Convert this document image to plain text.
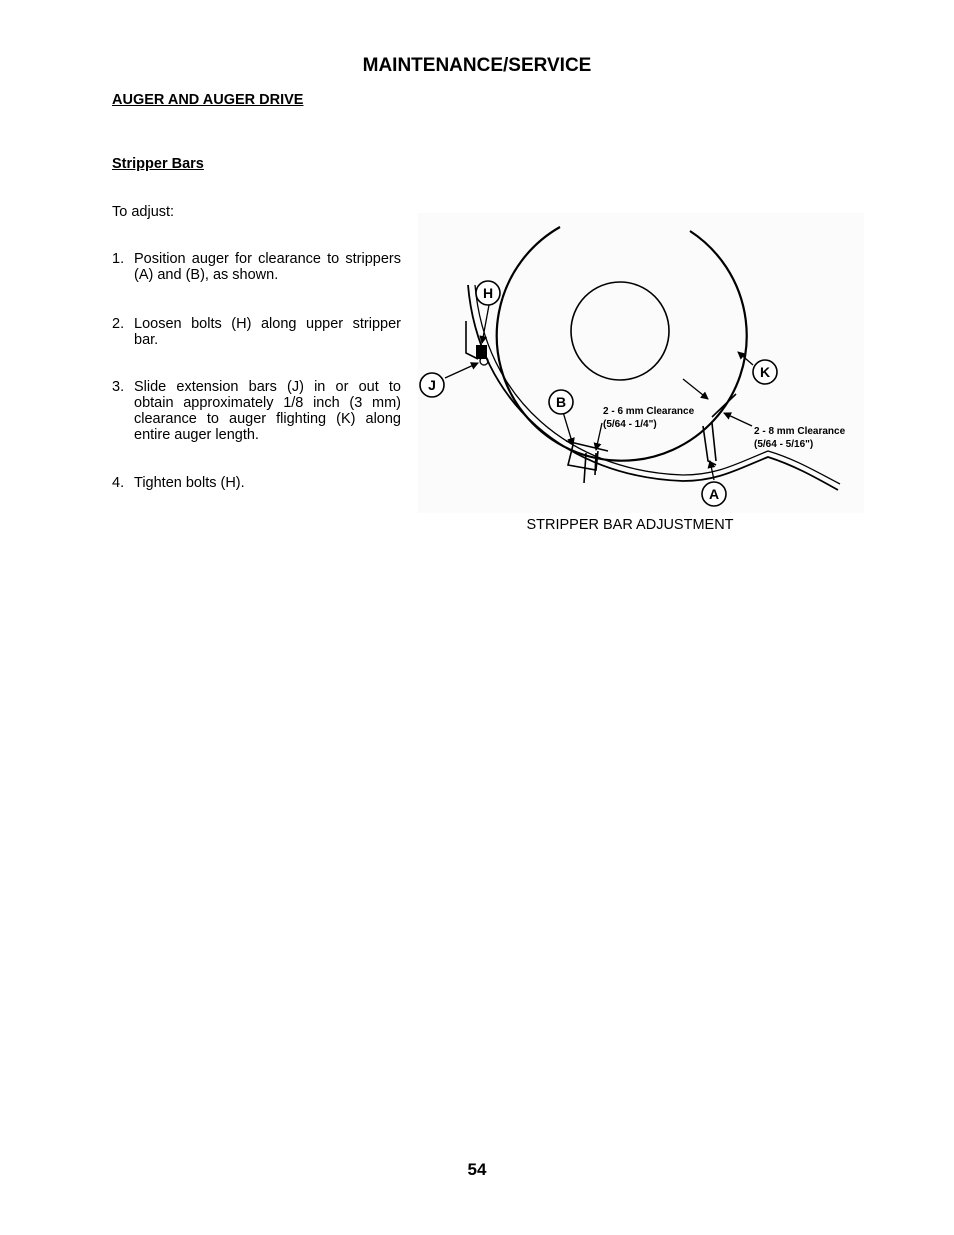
MAINTENANCE/SERVICE
AUGER AND AUGER DRIVE
Stripper Bars
To adjust:
1. Position auger for clearance to strippers (A) and (B), as shown.
2. Loosen bolts (H) along upper stripper bar.
3. Slide extension bars (J) in or out to obtain approximately 1/8 inch (3 mm) clearance to auger flighting (K) along entire auger length.
4. Tighten bolts (H).
H
J
B
K
A
2 - 6 mm Clearance
(5/64 - 1/4")
2 - 8 mm Clearance
(5/64 - 5/16")
STRIPPER BAR ADJUSTMENT
54
